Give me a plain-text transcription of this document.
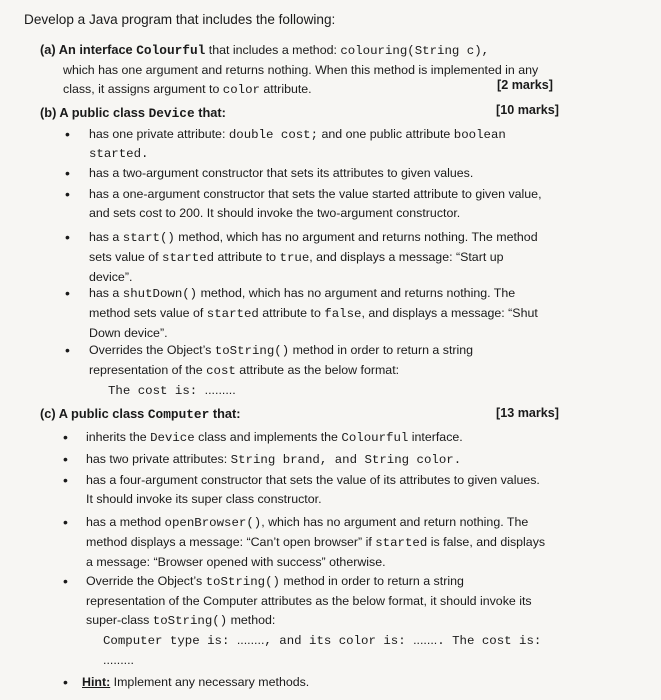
Develop a Java program that includes the following:
(a) An interface Colourful that includes a method: colouring(String c),
which has one argument and returns nothing. When this method is implemented in any
class, it assigns argument to color attribute.	[2 marks]
(b) A public class Device that:	[10 marks]
• has one private attribute: double cost; and one public attribute boolean
started.
• has a two-argument constructor that sets its attributes to given values.
• has a one-argument constructor that sets the value started attribute to given value,
and sets cost to 200. It should invoke the two-argument constructor.
• has a start() method, which has no argument and returns nothing. The method
sets value of started attribute to true, and displays a message: “Start up
device”.
• has a shutDown() method, which has no argument and returns nothing. The
method sets value of started attribute to false, and displays a message: “Shut
Down device”.
• Overrides the Object’s toString() method in order to return a string
representation of the cost attribute as the below format:
The cost is: .........
(c) A public class Computer that:	[13 marks]
• inherits the Device class and implements the Colourful interface.
• has two private attributes: String brand, and String color.
• has a four-argument constructor that sets the value of its attributes to given values.
It should invoke its super class constructor.
• has a method openBrowser(), which has no argument and return nothing. The
method displays a message: “Can’t open browser” if started is false, and displays
a message: “Browser opened with success” otherwise.
• Override the Object’s toString() method in order to return a string
representation of the Computer attributes as the below format, it should invoke its
super-class toString() method:
Computer type is: ........, and its color is: ........ The cost is:
.........
• Hint: Implement any necessary methods.
